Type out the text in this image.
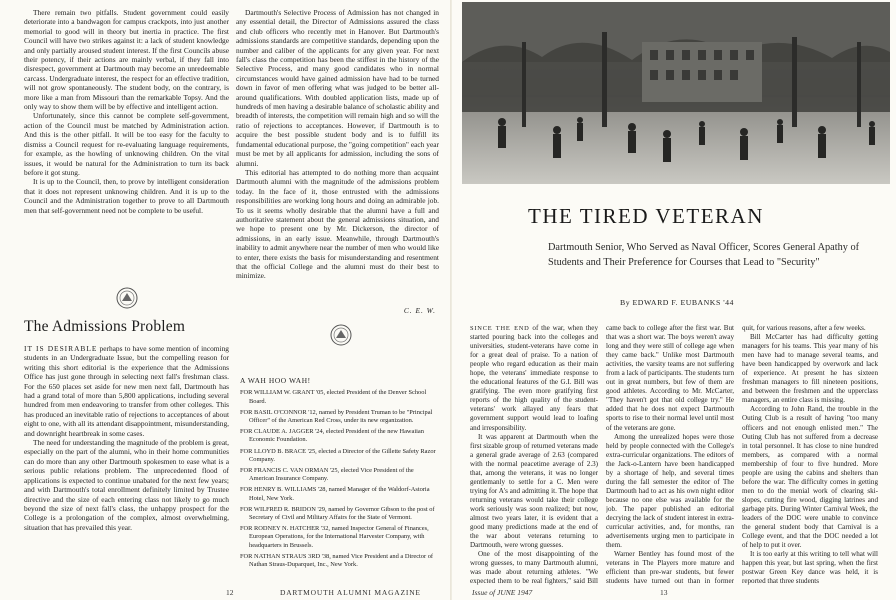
There remain two pitfalls. Student government could easily deteriorate into a bandwagon for campus crackpots, into just another memorial to good will in theory but inertia in practice. The first Council will have two strikes against it: a lack of student knowledge and only partially aroused student interest. If the first Councils abuse their potency, if their actions are mainly verbal, if they fall into disrespect, government at Dartmouth may become an unredeemable carcass. Undergraduate interest, the respect for an effective tradition, will not grow spontaneously. The student body, on the contrary, is more like a man from Missouri than the remarkable Topsy. And the only way to show them will be by effective and intelligent action.

Unfortunately, since this cannot be complete self-government, action of the Council must be matched by Administration action. And this is the other pitfall. It will be too easy for the faculty to dismiss a Council request for re-evaluating language requirements, for example, as the howling of unknowing children. On the vital issues, it would be natural for the Administration to turn its back before it got stung.

It is up to the Council, then, to prove by intelligent consideration that it does not represent unknowing children. And it is up to the Council and the Administration together to prove to all Dartmouth men that self-government need not be complete to be useful.

The Admissions Problem

IT IS DESIRABLE perhaps to have some mention of incoming students in an Undergraduate Issue, but the compelling reason for writing this short editorial is the experience that the Admissions Office has just gone through in selecting next fall's freshman class. For the 650 places set aside for new men next fall, Dartmouth has had a grand total of more than 5,800 applications, including several hundred from men endeavoring to transfer from other colleges. This has produced an inevitable ratio of rejections to acceptances of about eight to one, with all its attendant disappointment, misunderstanding, and downright heartbreak in some cases.

The need for understanding the magnitude of the problem is great, especially on the part of the alumni, who in their home communities can do more than any other Dartmouth spokesmen to ease what is a serious public relations problem. The unprecedented flood of applications is expected to continue unabated for the next few years; and with Dartmouth's total enrollment definitely limited by Trustee directive and the size of each entering class not likely to go much beyond the size of next fall's class, the unhappy prospect for the College is a prolongation of the complex, almost overwhelming, situation that has prevailed this year.

Dartmouth's Selective Process of Admission has not changed in any essential detail, the Director of Admissions assured the class and club officers who recently met in Hanover. But Dartmouth's admissions standards are competitive standards, depending upon the number and caliber of the applicants for any given year. For next fall's class the competition has been the stiffest in the history of the Selective Process, and many good candidates who in normal circumstances would have gained admission have had to be turned down in favor of men offering what was judged to be better all-around qualifications. With doubled application lists, made up of hundreds of men having a desirable balance of scholastic ability and breadth of interests, the competition will remain high and so will the ratio of rejections to acceptances. However, if Dartmouth is to acquire the best possible student body and is to fulfill its fundamental educational purpose, the "going competition" each year must be met by all applicants for admission, including the sons of alumni.

This editorial has attempted to do nothing more than acquaint Dartmouth alumni with the magnitude of the admissions problem today. In the face of it, those entrusted with the admissions responsibilities are working long hours and doing an admirable job. To us it seems wholly desirable that the alumni have a full and authoritative statement about the general admissions situation, and we hope to present one by Mr. Dickerson, the director of admissions, in an early issue. Meanwhile, through Dartmouth's inability to admit anywhere near the number of men who would like to enter, there exists the basis for misunderstanding and resentment that the official College and the alumni must do their best to minimize.

C. E. W.
A WAH HOO WAH!

FOR WILLIAM W. GRANT '05, elected President of the Denver School Board.

FOR BASIL O'CONNOR '12, named by President Truman to be "Principal Officer" of the American Red Cross, under its new organization.

FOR CLAUDE A. JAGGER '24, elected President of the new Hawaiian Economic Foundation.

FOR LLOYD B. BRACE '25, elected a Director of the Gillette Safety Razor Company.

FOR FRANCIS C. VAN ORMAN '25, elected Vice President of the American Insurance Company.

FOR HENRY B. WILLIAMS '28, named Manager of the Waldorf-Astoria Hotel, New York.

FOR WILFRED R. BRIDON '29, named by Governor Gibson to the post of Secretary of Civil and Military Affairs for the State of Vermont.

FOR RODNEY N. HATCHER '32, named Inspector General of Finances, European Operations, for the International Harvester Company, with headquarters in Brussels.

FOR NATHAN STRAUS 3RD '38, named Vice President and a Director of Nathan Straus-Duparquet, Inc., New York.

12	DARTMOUTH ALUMNI MAGAZINE
THE TIRED VETERAN
Dartmouth Senior, Who Served as Naval Officer, Scores General Apathy of Students and Their Preference for Courses that Lead to "Security"
By EDWARD F. EUBANKS '44

SINCE THE END of the war, when they started pouring back into the colleges and universities, student-veterans have come in for a great deal of praise. To a nation of people who regard education as their main hope, the veterans' immediate response to the educational features of the G.I. Bill was gratifying. The even more gratifying first reports of the high quality of the student-veterans' work allayed any fears that government support would lead to loafing and irresponsibility.

It was apparent at Dartmouth when the first sizable group of returned veterans made a general grade average of 2.63 (compared with the normal peacetime average of 2.3) that, among the veterans, it was no longer gentlemanly to settle for a C. Men were trying for A's and admitting it. The hope that returning veterans would take their college work seriously was soon realized; but now, almost two years later, it is evident that a good many predictions made at the end of the war about veterans returning to Dartmouth, were wrong guesses.

One of the most disappointing of the wrong guesses, to many Dartmouth alumni, was made about returning athletes. "We expected them to be real fighters," said Bill

came back to college after the first war. But that was a short war. The boys weren't away long and they were still of college age when they came back." Unlike most Dartmouth activities, the varsity teams are not suffering from a lack of participants. The students turn out in great numbers, but few of them are good athletes. According to Mr. McCarter, "They haven't got that old college try." He added that he does not expect Dartmouth sports to rise to their normal level until most of the veterans are gone.

Among the unrealized hopes were those held by people connected with the College's extra-curricular organizations. The editors of the Jack-o-Lantern have been handicapped by a shortage of help, and several times during the fall semester the editor of The Dartmouth had to act as his own night editor because no one else was available for the job. The paper published an editorial decrying the lack of student interest in extra-curricular activities, and, for months, ran advertisements urging men to participate in them.

Warner Bentley has found most of the veterans in The Players more mature and efficient than pre-war students, but fewer students have turned out than in former

quit, for various reasons, after a few weeks.

Bill McCarter has had difficulty getting managers for his teams. This year many of his men have had to manage several teams, and have been handicapped by overwork and lack of experience. At present he has sixteen freshman managers to fill nineteen positions, and between the freshmen and the upperclass managers, an entire class is missing.

According to John Rand, the trouble in the Outing Club is a result of having "too many officers and not enough enlisted men." The Outing Club has not suffered from a decrease in total personnel. It has close to nine hundred members, as compared with a normal membership of four to five hundred. More people are using the cabins and shelters than before the war. The difficulty comes in getting men to do the menial work of clearing ski-slopes, cutting fire wood, digging latrines and garbage pits. During Winter Carnival Week, the leaders of the DOC were unable to convince the general student body that Carnival is a College event, and that the DOC needed a lot of help to put it over.

It is too early at this writing to tell what will happen this year, but last spring, when the first postwar Green Key dance was held, it is reported that three students

Issue of JUNE 1947	13
